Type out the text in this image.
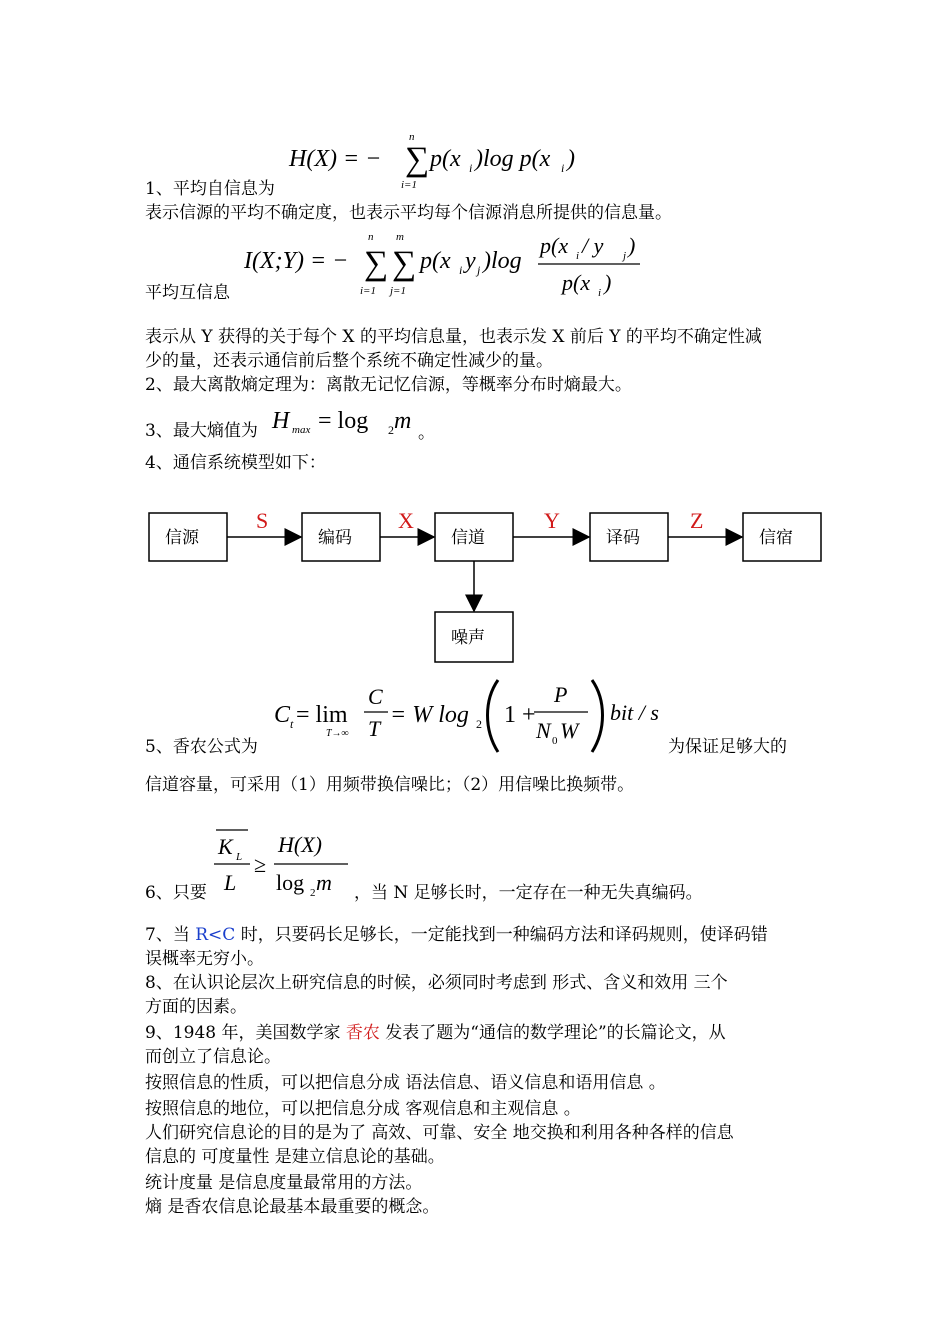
H(X) = − ∑
n
i=1
p(x i )log p(x i )
1、平均自信息为
表示信源的平均不确定度，也表示平均每个信源消息所提供的信息量。
I(X;Y) = − ∑
n
i=1
∑
m
j=1
p(x i y j )log
p(x i / y j )
p(x i )
平均互信息
表示从 Y 获得的关于每个 X 的平均信息量，也表示发 X 前后 Y 的平均不确定性减
少的量，还表示通信前后整个系统不确定性减少的量。
2、最大离散熵定理为：离散无记忆信源，等概率分布时熵最大。
3、最大熵值为 H max = log 2 m 。
4、通信系统模型如下：
信源	编码	信道	译码	信宿
噪声
S	X	Y	Z
C t = lim
T→∞
C
T
= W log 2 1 +
P
N 0 W
bit / s
5、香农公式为	为保证足够大的
信道容量，可采用（1）用频带换信噪比；（2）用信噪比换频带。
K L
L
≥
H(X)
log 2 m
6、只要	，当 N 足够长时，一定存在一种无失真编码。
7、当 R<C 时，只要码长足够长，一定能找到一种编码方法和译码规则，使译码错
误概率无穷小。
8、在认识论层次上研究信息的时候，必须同时考虑到 形式、含义和效用 三个
方面的因素。
9、1948 年，美国数学家 香农 发表了题为“通信的数学理论”的长篇论文，从
而创立了信息论。
按照信息的性质，可以把信息分成 语法信息、语义信息和语用信息 。
按照信息的地位，可以把信息分成 客观信息和主观信息 。
人们研究信息论的目的是为了 高效、可靠、安全 地交换和利用各种各样的信息
信息的 可度量性 是建立信息论的基础。
统计度量 是信息度量最常用的方法。
熵 是香农信息论最基本最重要的概念。
